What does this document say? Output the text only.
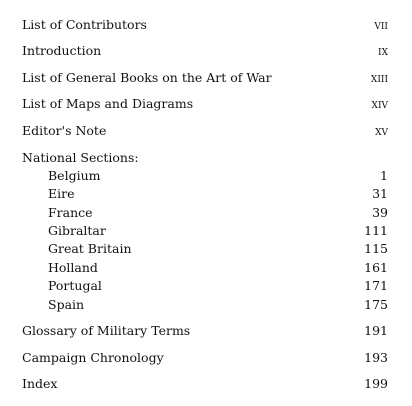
List of Contributors	vii
Introduction	ix
List of General Books on the Art of War	xiii
List of Maps and Diagrams	xiv
Editor's Note	xv
National Sections:
Belgium	1
Eire	31
France	39
Gibraltar	111
Great Britain	115
Holland	161
Portugal	171
Spain	175
Glossary of Military Terms	191
Campaign Chronology	193
Index	199
